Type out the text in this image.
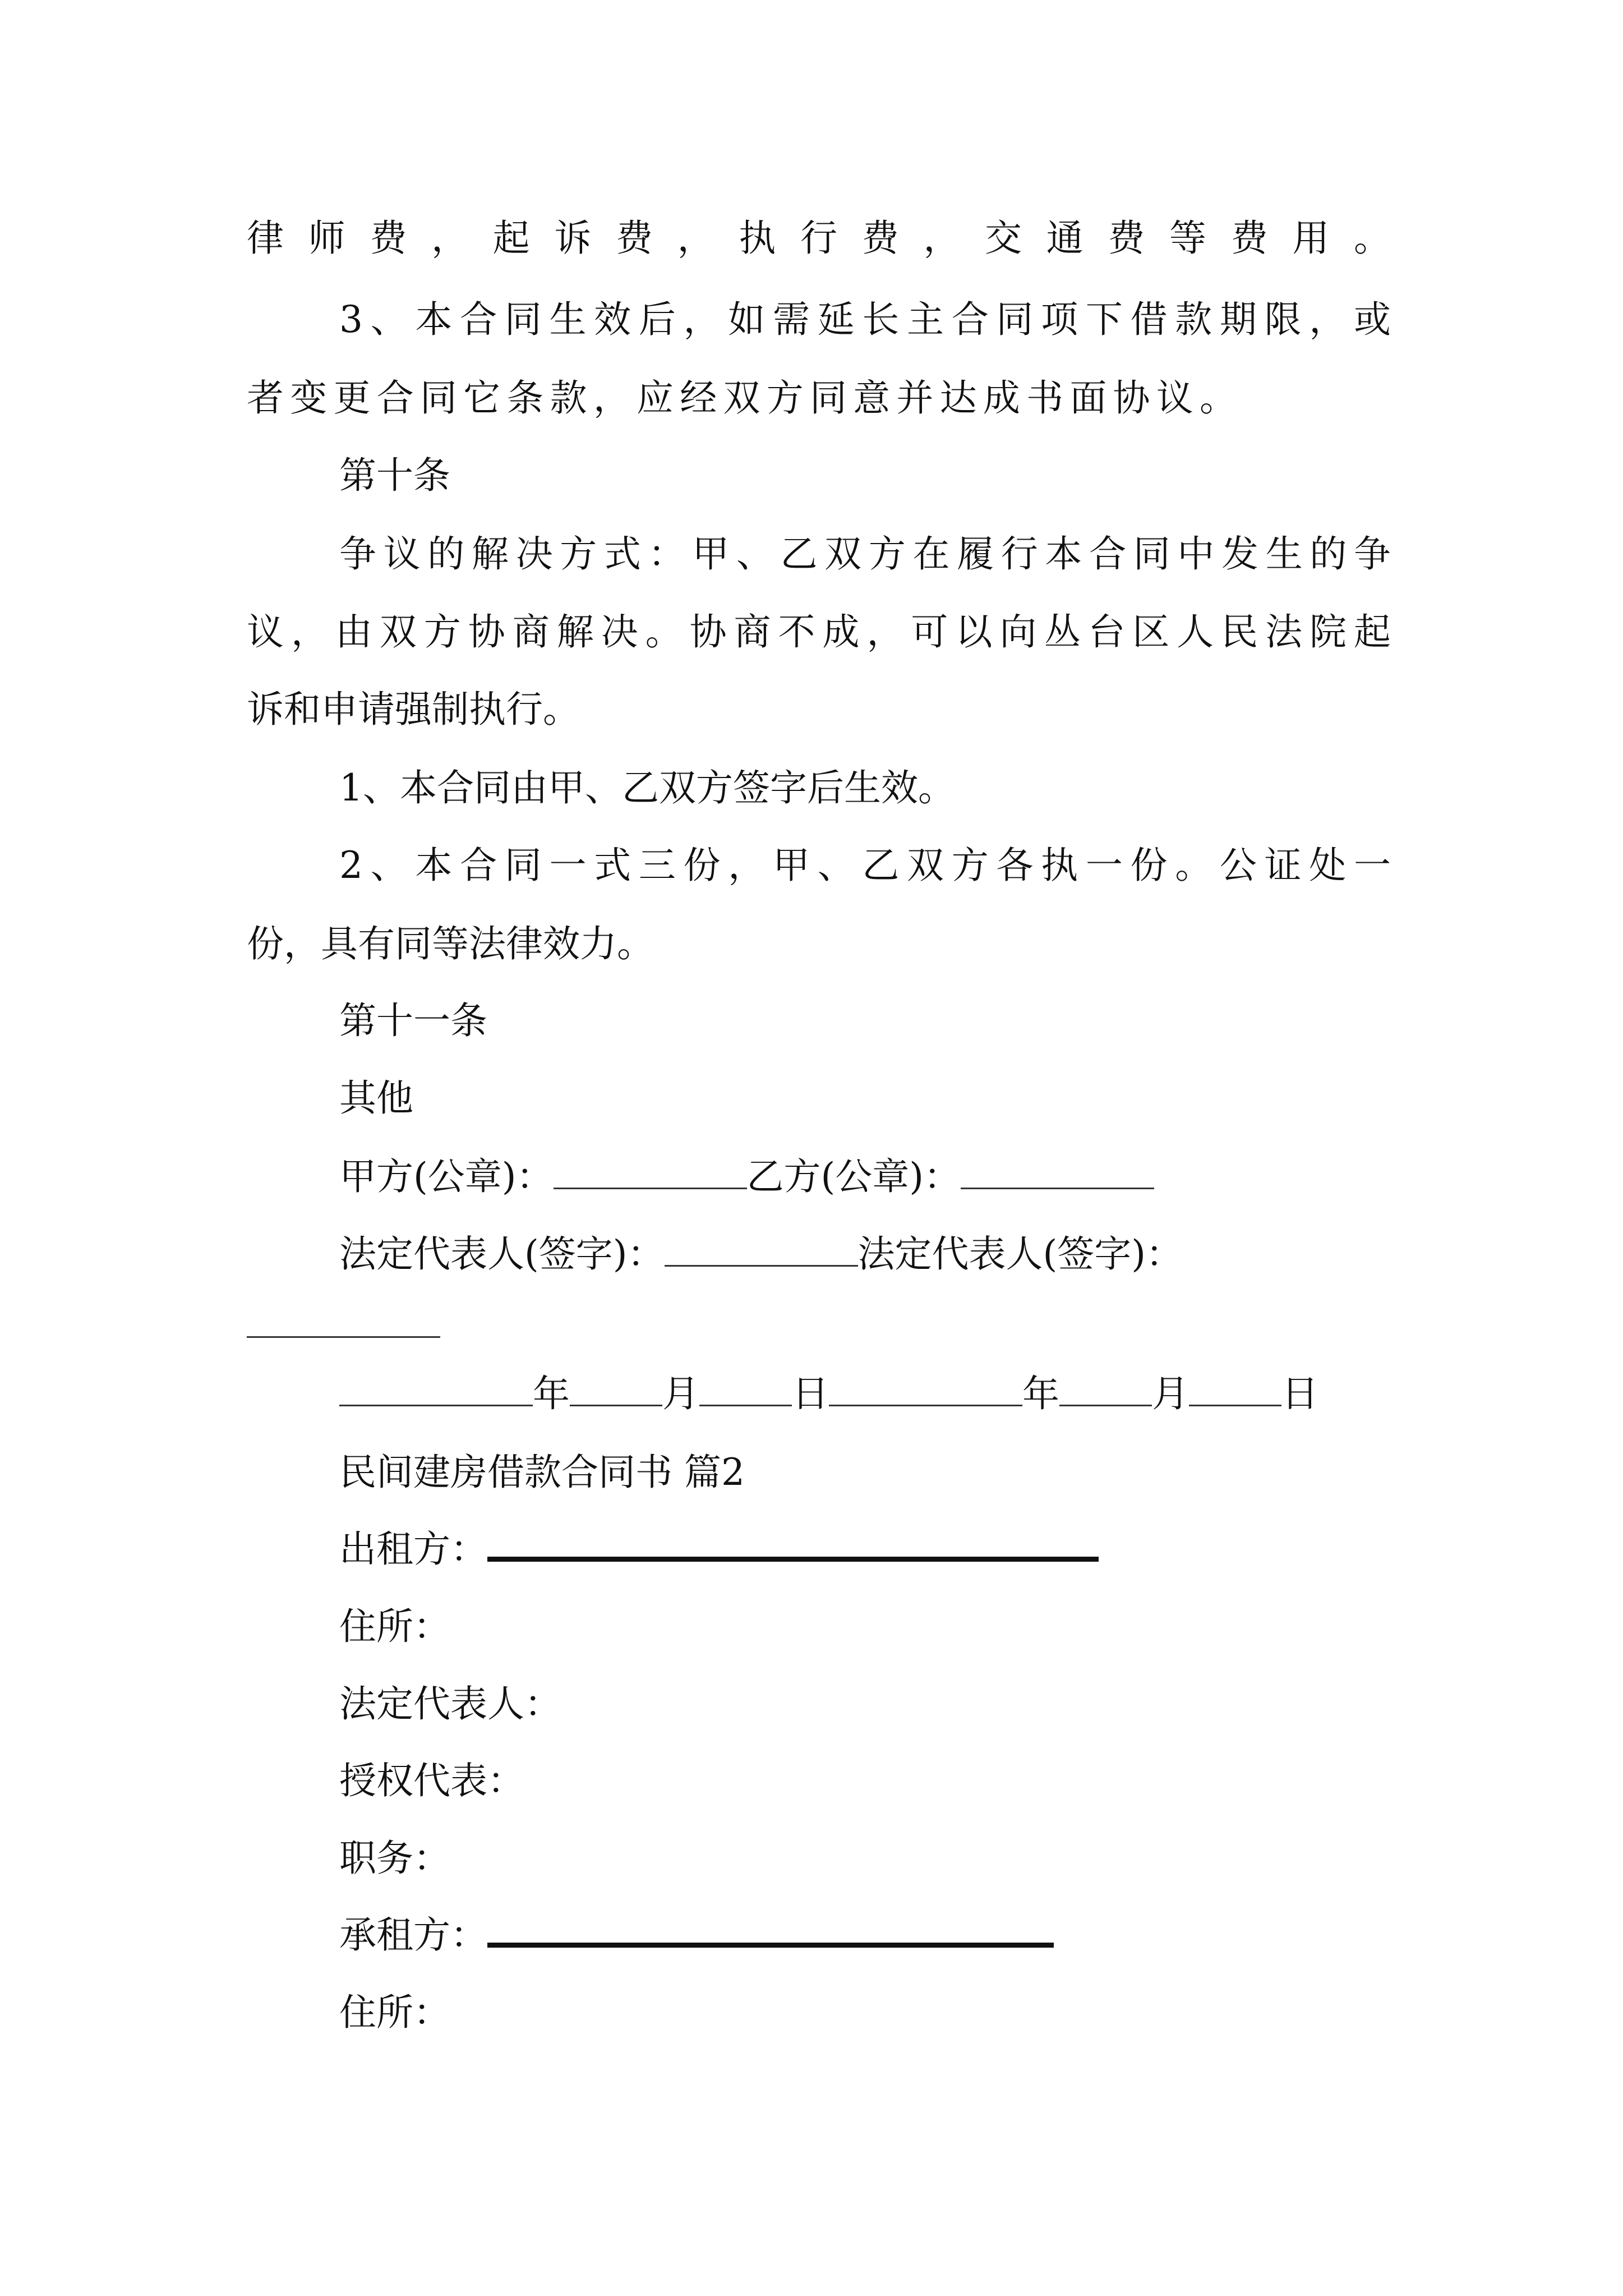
律师费，起诉费，执行费，交通费等费用。
3、本合同生效后，如需延长主合同项下借款期限，或
者变更合同它条款，应经双方同意并达成书面协议。
第十条
争议的解决方式：甲、乙双方在履行本合同中发生的争
议，由双方协商解决。协商不成，可以向丛台区人民法院起
诉和申请强制执行。
1、本合同由甲、乙双方签字后生效。
2、本合同一式三份，甲、乙双方各执一份。公证处一
份，具有同等法律效力。
第十一条
其他
甲方(公章)：	乙方(公章)：
法定代表人(签字)：	法定代表人(签字)：
年	月	日	年	月	日
民间建房借款合同书 篇2
出租方：
住所：
法定代表人：
授权代表：
职务：
承租方：
住所：
